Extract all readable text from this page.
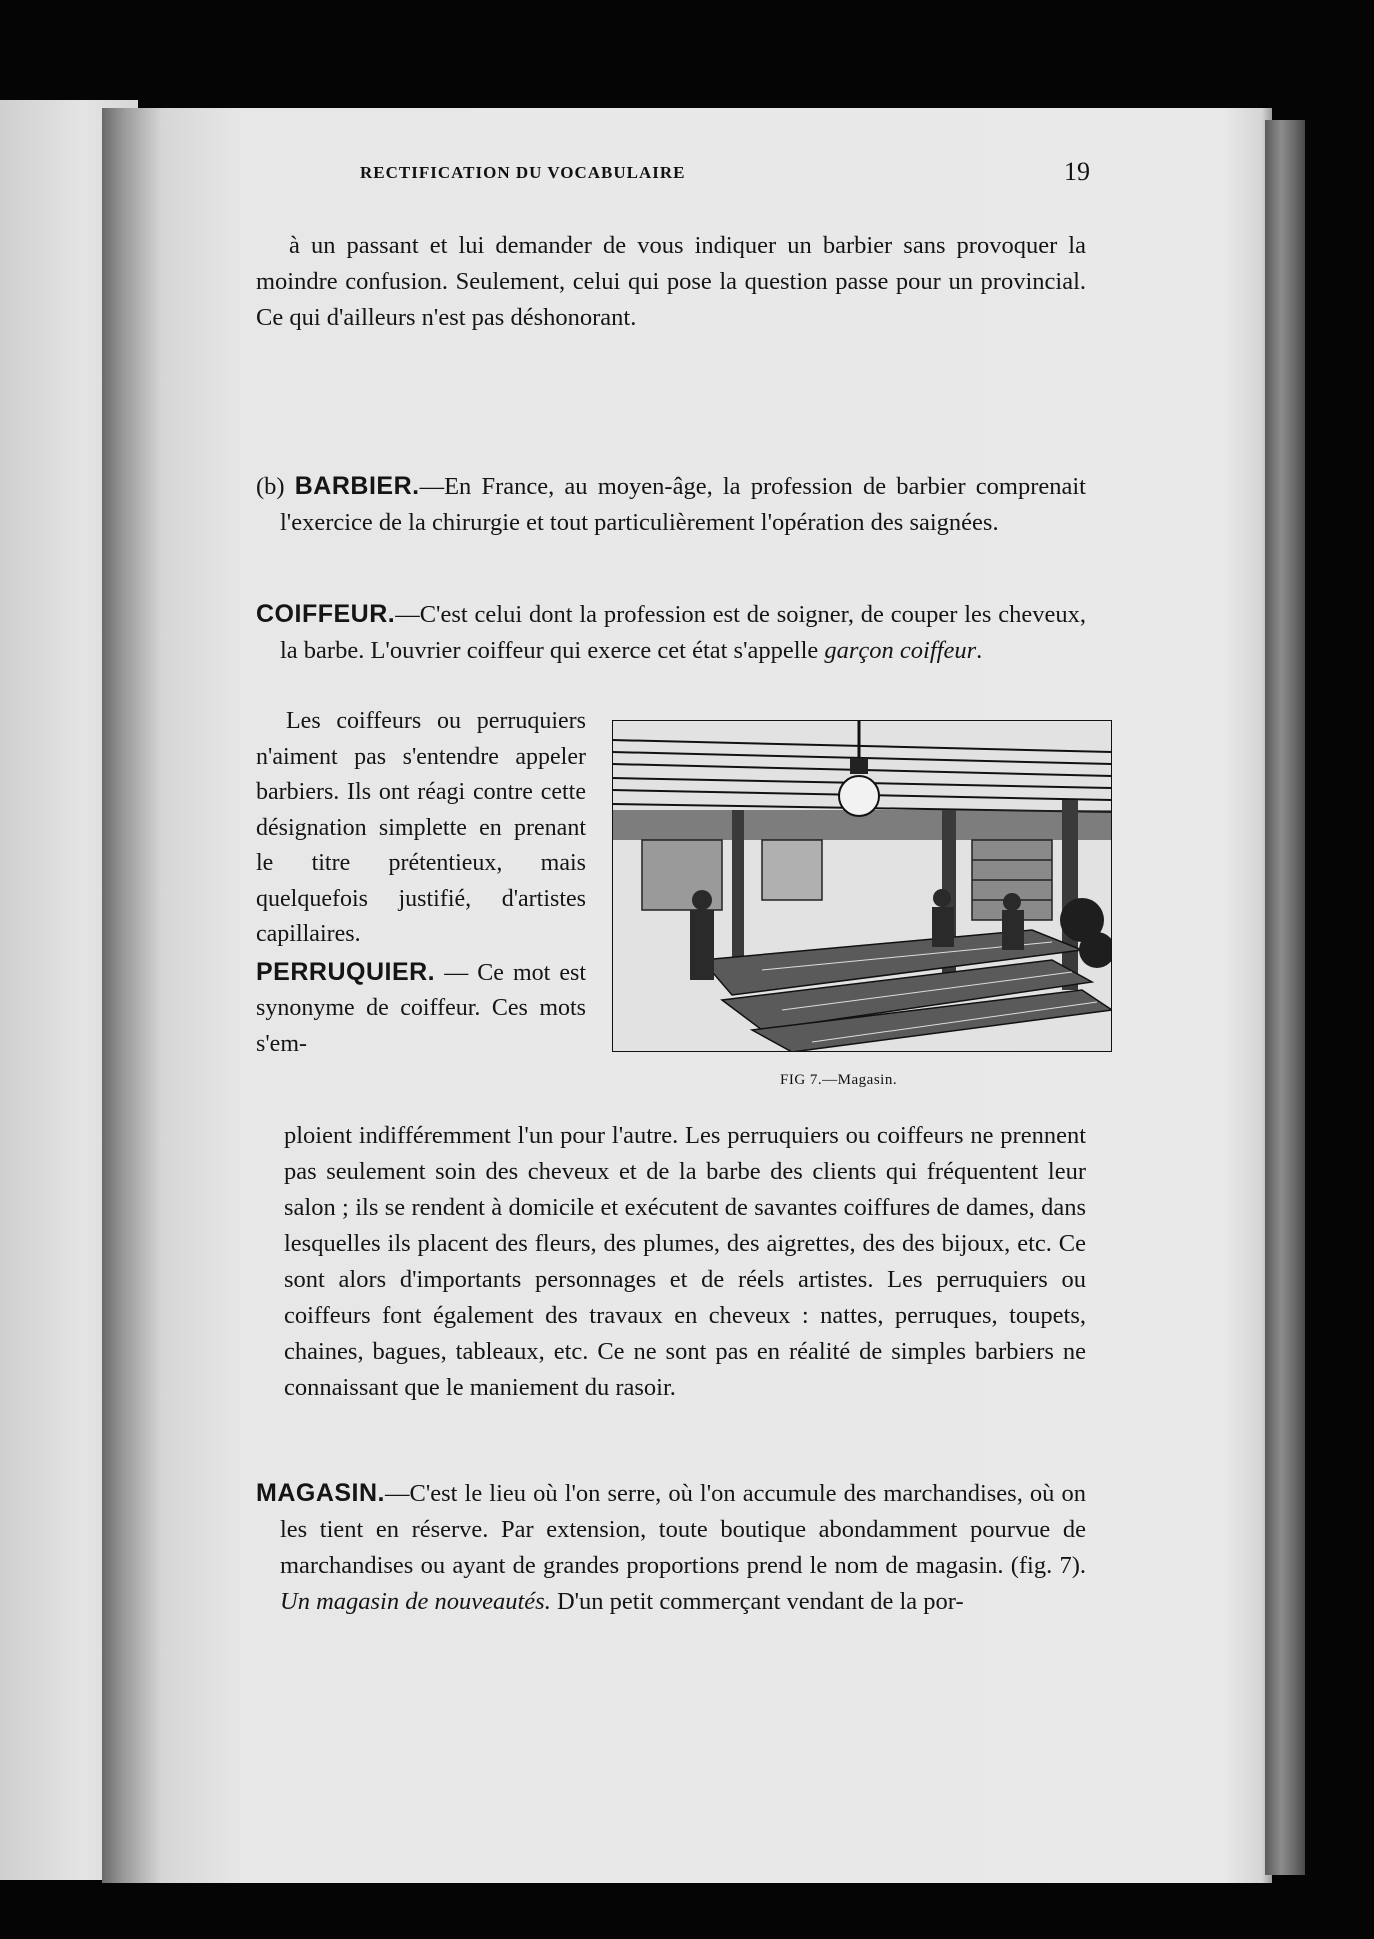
RECTIFICATION DU VOCABULAIRE	19
à un passant et lui demander de vous indiquer un barbier sans provoquer la moindre confusion. Seulement, celui qui pose la question passe pour un provincial. Ce qui d'ailleurs n'est pas déshonorant.
(b) BARBIER.—En France, au moyen-âge, la profession de barbier comprenait l'exercice de la chirurgie et tout particulièrement l'opération des saignées.
COIFFEUR.—C'est celui dont la profession est de soigner, de couper les cheveux, la barbe. L'ouvrier coiffeur qui exerce cet état s'appelle garçon coiffeur.
Les coiffeurs ou perruquiers n'aiment pas s'entendre appeler barbiers. Ils ont réagi contre cette désignation simplette en prenant le titre prétentieux, mais quelquefois justifié, d'artistes capillaires.
PERRUQUIER. — Ce mot est synonyme de coiffeur. Ces mots s'em-
ploient indifféremment l'un pour l'autre. Les perruquiers ou coiffeurs ne prennent pas seulement soin des cheveux et de la barbe des clients qui fréquentent leur salon ; ils se rendent à domicile et exécutent de savantes coiffures de dames, dans lesquelles ils placent des fleurs, des plumes, des aigrettes, des des bijoux, etc. Ce sont alors d'importants personnages et de réels artistes. Les perruquiers ou coiffeurs font également des travaux en cheveux : nattes, perruques, toupets, chaines, bagues, tableaux, etc. Ce ne sont pas en réalité de simples barbiers ne connaissant que le maniement du rasoir.
MAGASIN.—C'est le lieu où l'on serre, où l'on accumule des marchandises, où on les tient en réserve. Par extension, toute boutique abondamment pourvue de marchandises ou ayant de grandes proportions prend le nom de magasin. (fig. 7). Un magasin de nouveautés. D'un petit commerçant vendant de la por-
FIG 7.—Magasin.
